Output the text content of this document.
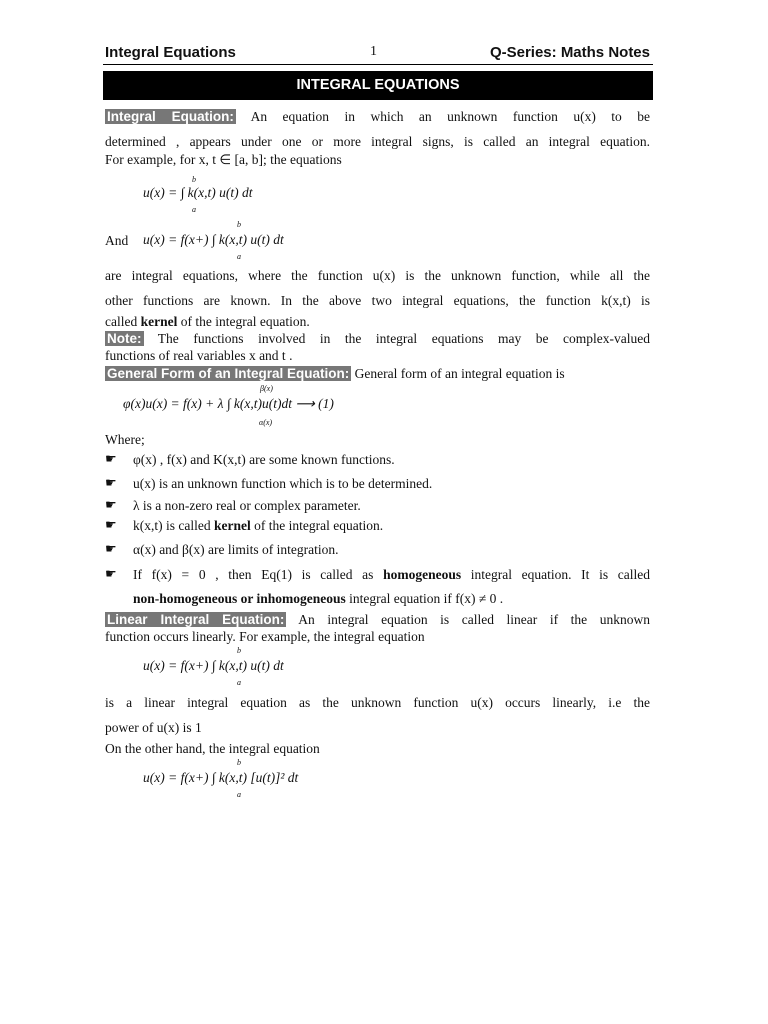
Integral Equations	1	Q-Series: Maths Notes
INTEGRAL EQUATIONS
Integral Equation: An equation in which an unknown function u(x) to be
determined , appears under one or more integral signs, is called an integral equation.
For example, for x, t ∈ [a, b]; the equations
u(x) = ∫ k(x,t) u(t) dt
b
a
And	u(x) = f(x+) ∫ k(x,t) u(t) dt
b
a
are integral equations, where the function u(x) is the unknown function, while all the
other functions are known. In the above two integral equations, the function k(x,t) is
called kernel of the integral equation.
Note: The functions involved in the integral equations may be complex-valued
functions of real variables x and t .
General Form of an Integral Equation: General form of an integral equation is
φ(x)u(x) = f(x) + λ ∫ k(x,t)u(t)dt ⟶ (1)
β(x)
α(x)
Where;
☛ φ(x) , f(x) and K(x,t) are some known functions.
☛ u(x) is an unknown function which is to be determined.
☛ λ is a non-zero real or complex parameter.
☛ k(x,t) is called kernel of the integral equation.
☛ α(x) and β(x) are limits of integration.
☛ If f(x) = 0 , then Eq(1) is called as homogeneous integral equation. It is called
non-homogeneous or inhomogeneous integral equation if f(x) ≠ 0 .
Linear Integral Equation: An integral equation is called linear if the unknown
function occurs linearly. For example, the integral equation
u(x) = f(x+) ∫ k(x,t) u(t) dt
b
a
is a linear integral equation as the unknown function u(x) occurs linearly, i.e the
power of u(x) is 1
On the other hand, the integral equation
u(x) = f(x+) ∫ k(x,t) [u(t)]² dt
b
a
